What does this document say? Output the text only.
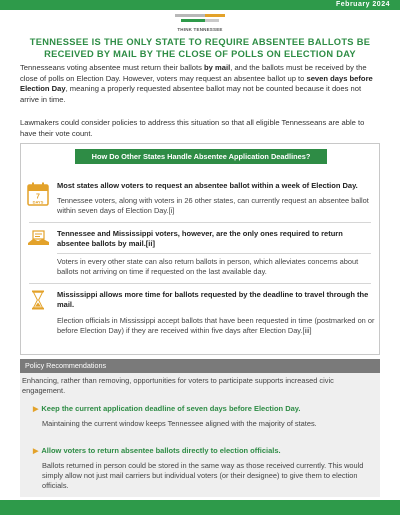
February 2024
THINK TENNESSEE
TENNESSEE IS THE ONLY STATE TO REQUIRE ABSENTEE BALLOTS BE RECEIVED BY MAIL BY THE CLOSE OF POLLS ON ELECTION DAY

Tennesseans voting absentee must return their ballots by mail, and the ballots must be received by the close of polls on Election Day. However, voters may request an absentee ballot up to seven days before Election Day, meaning a properly requested absentee ballot may not be counted because it does not arrive in time.

Lawmakers could consider policies to address this situation so that all eligible Tennesseans are able to have their vote count.

How Do Other States Handle Absentee Application Deadlines?
7
DAYS
Most states allow voters to request an absentee ballot within a week of Election Day.
Tennessee voters, along with voters in 26 other states, can currently request an absentee ballot within seven days of Election Day.[i]
Tennessee and Mississippi voters, however, are the only ones required to return absentee ballots by mail.[ii]
Voters in every other state can also return ballots in person, which alleviates concerns about ballots not arriving on time if requested on the last available day.
Mississippi allows more time for ballots requested by the deadline to travel through the mail.
Election officials in Mississippi accept ballots that have been requested in time (postmarked on or before Election Day) if they are received within five days after Election Day.[iii]
Policy Recommendations

Enhancing, rather than removing, opportunities for voters to participate supports increased civic engagement.

▶ Keep the current application deadline of seven days before Election Day.

Maintaining the current window keeps Tennessee aligned with the majority of states.

▶ Allow voters to return absentee ballots directly to election officials.

Ballots returned in person could be stored in the same way as those received currently. This would simply allow not just mail carriers but individual voters (or their designee) to give them to election officials.
